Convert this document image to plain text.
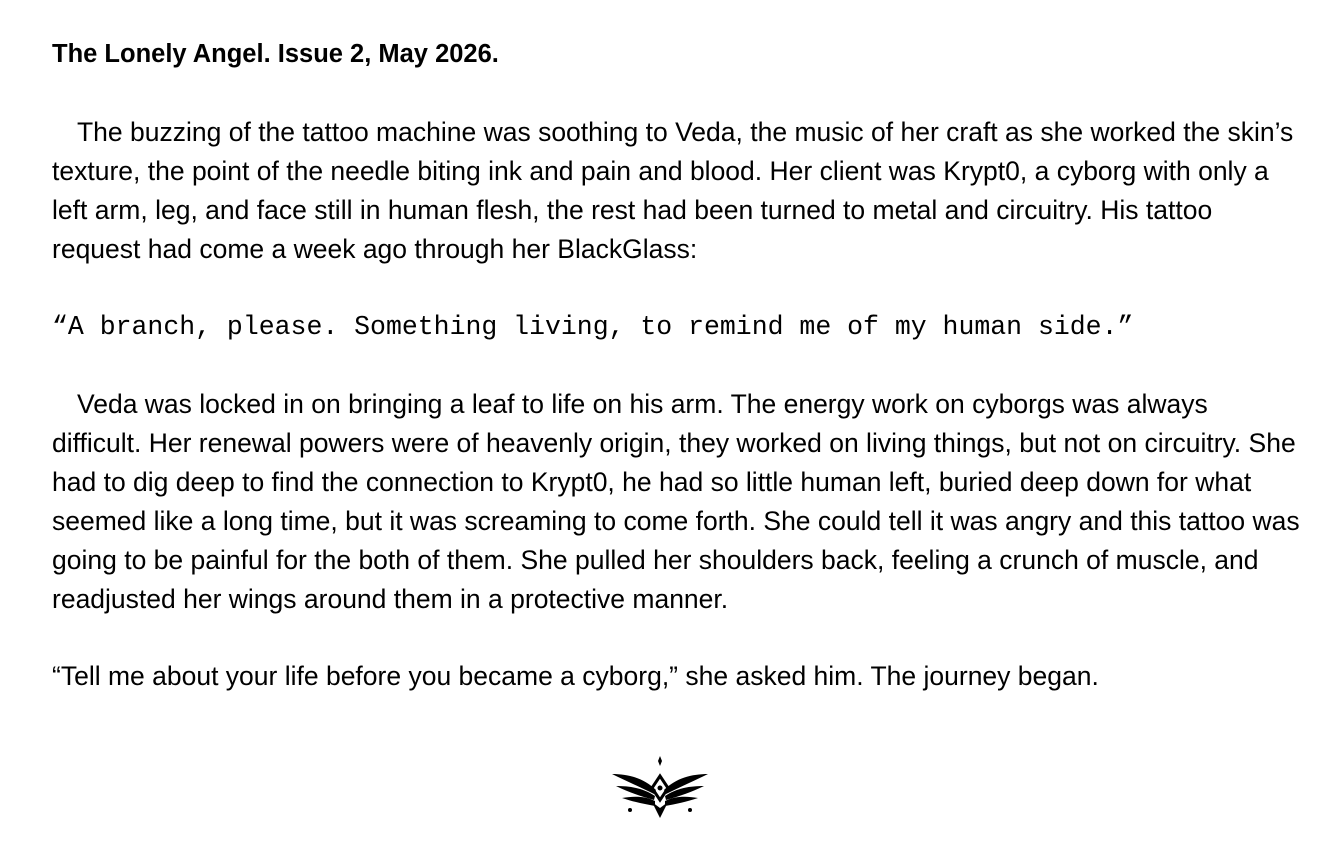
The Lonely Angel. Issue 2, May 2026.

The buzzing of the tattoo machine was soothing to Veda, the music of her craft as she worked the skin’s texture, the point of the needle biting ink and pain and blood. Her client was Krypt0, a cyborg with only a left arm, leg, and face still in human flesh, the rest had been turned to metal and circuitry. His tattoo request had come a week ago through her BlackGlass:

“A branch, please. Something living, to remind me of my human side.”

Veda was locked in on bringing a leaf to life on his arm. The energy work on cyborgs was always difficult. Her renewal powers were of heavenly origin, they worked on living things, but not on circuitry. She had to dig deep to find the connection to Krypt0, he had so little human left, buried deep down for what seemed like a long time, but it was screaming to come forth. She could tell it was angry and this tattoo was going to be painful for the both of them. She pulled her shoulders back, feeling a crunch of muscle, and readjusted her wings around them in a protective manner.

“Tell me about your life before you became a cyborg,” she asked him. The journey began.
